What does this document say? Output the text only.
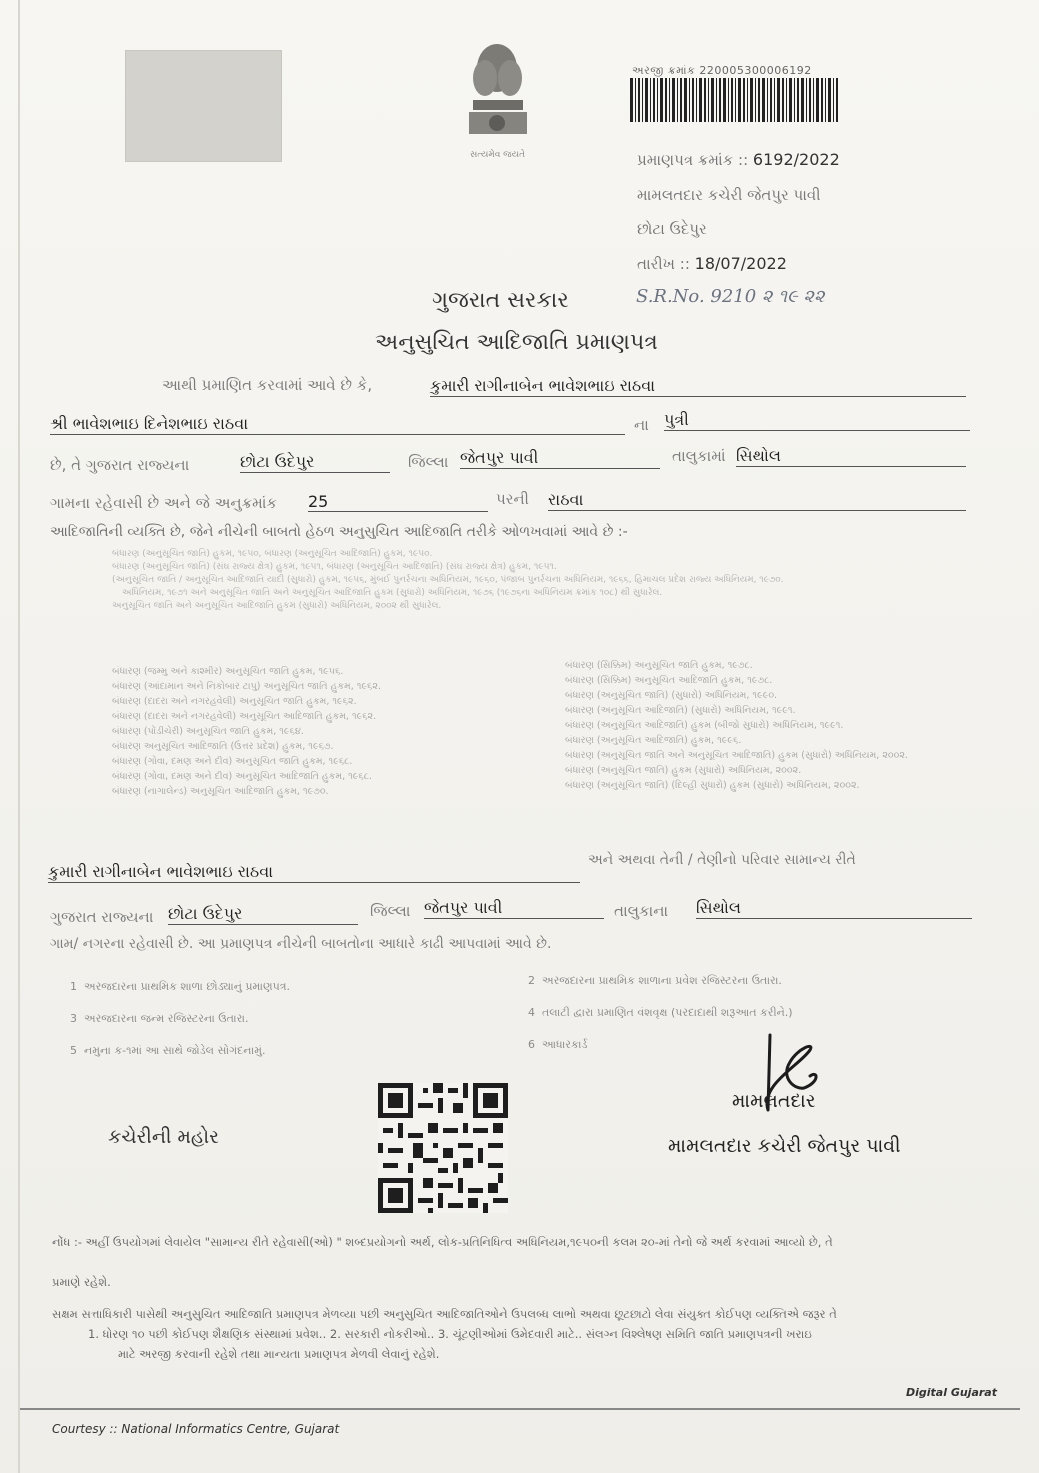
સત્યમેવ જયતે
અરજી ક્રમાંક 220005300006192
પ્રમાણપત્ર ક્રમાંક :: 6192/2022
મામલતદાર કચેરી જેતપુર પાવી
છોટા ઉદેપુર
તારીખ :: 18/07/2022
S.R.No. 9210 ૨ ૧૯ ૨૨
ગુજરાત સરકાર
અનુસુચિત આદિજાતિ પ્રમાણપત્ર
આથી પ્રમાણિત કરવામાં આવે છે કે,	કુમારી રાગીનાબેન ભાવેશભાઇ રાઠવા
શ્રી ભાવેશભાઇ દિનેશભાઇ રાઠવા	ના પુત્રી
છે, તે ગુજરાત રાજ્યના	છોટા ઉદેપુર	જિલ્લા જેતપુર પાવી	તાલુકામાં સિથોલ
ગામના રહેવાસી છે અને જે અનુક્રમાંક 25	પરની રાઠવા
આદિજાતિની વ્યક્તિ છે, જેને નીચેની બાબતો હેઠળ અનુસુચિત આદિજાતિ તરીકે ઓળખવામાં આવે છે :-
બંધારણ (અનુસૂચિત જાતિ) હુકમ, ૧૯૫૦, બંધારણ (અનુસૂચિત આદિજાતિ) હુકમ, ૧૯૫૦.
બંધારણ (અનુસૂચિત જાતિ) (સંઘ રાજ્ય ક્ષેત્ર) હુકમ, ૧૯૫૧, બંધારણ (અનુસૂચિત આદિજાતિ) (સંઘ રાજ્ય ક્ષેત્ર) હુકમ, ૧૯૫૧.
(અનુસૂચિત જાતિ / અનુસૂચિત આદિજાતિ યાદી (સુધારો) હુકમ, ૧૯૫૬, મુંબઈ પુનર્રચના અધિનિયમ, ૧૯૬૦, પંજાબ પુનર્રચના અધિનિયમ, ૧૯૬૬, હિમાચલ પ્રદેશ રાજ્ય અધિનિયમ, ૧૯૭૦.
અધિનિયમ, ૧૯૭૧ અને અનુસૂચિત જાતિ અને અનુસૂચિત આદિજાતિ હુકમ (સુધારો) અધિનિયમ, ૧૯૭૬ (૧૯૭૬ના અધિનિયમ ક્રમાંક ૧૦૮) થી સુધારેલ.
અનુસૂચિત જાતિ અને અનુસૂચિત આદિજાતિ હુકમ (સુધારો) અધિનિયમ, ૨૦૦૨ થી સુધારેલ.
બંધારણ (જમ્મુ અને કાશ્મીર) અનુસૂચિત જાતિ હુકમ, ૧૯૫૬.
બંધારણ (આંદામાન અને નિકોબાર ટાપુ) અનુસૂચિત જાતિ હુકમ, ૧૯૬૨.
બંધારણ (દાદરા અને નગરહવેલી) અનુસૂચિત જાતિ હુકમ, ૧૯૬૨.
બંધારણ (દાદરા અને નગરહવેલી) અનુસૂચિત આદિજાતિ હુકમ, ૧૯૬૨.
બંધારણ (પોંડીચેરી) અનુસૂચિત જાતિ હુકમ, ૧૯૬૪.
બંધારણ અનુસૂચિત આદિજાતિ (ઉત્તર પ્રદેશ) હુકમ, ૧૯૬૭.
બંધારણ (ગોવા, દમણ અને દીવ) અનુસૂચિત જાતિ હુકમ, ૧૯૬૮.
બંધારણ (ગોવા, દમણ અને દીવ) અનુસૂચિત આદિજાતિ હુકમ, ૧૯૬૮.
બંધારણ (નાગાલેન્ડ) અનુસૂચિત આદિજાતિ હુકમ, ૧૯૭૦.
બંધારણ (સિક્કિમ) અનુસૂચિત જાતિ હુકમ, ૧૯૭૮.
બંધારણ (સિક્કિમ) અનુસૂચિત આદિજાતિ હુકમ, ૧૯૭૮.
બંધારણ (અનુસૂચિત જાતિ) (સુધારો) અધિનિયમ, ૧૯૯૦.
બંધારણ (અનુસૂચિત આદિજાતિ) (સુધારો) અધિનિયમ, ૧૯૯૧.
બંધારણ (અનુસૂચિત આદિજાતિ) હુકમ (બીજો સુધારો) અધિનિયમ, ૧૯૯૧.
બંધારણ (અનુસૂચિત આદિજાતિ) હુકમ, ૧૯૯૬.
બંધારણ (અનુસૂચિત જાતિ અને અનુસૂચિત આદિજાતિ) હુકમ (સુધારો) અધિનિયમ, ૨૦૦૨.
બંધારણ (અનુસૂચિત જાતિ) હુકમ (સુધારો) અધિનિયમ, ૨૦૦૨.
બંધારણ (અનુસૂચિત જાતિ) (દિલ્હી સુધારો) હુકમ (સુધારો) અધિનિયમ, ૨૦૦૨.
કુમારી રાગીનાબેન ભાવેશભાઇ રાઠવા
અને અથવા તેની / તેણીનો પરિવાર સામાન્ય રીતે
ગુજરાત રાજ્યના છોટા ઉદેપુર	જિલ્લા જેતપુર પાવી	તાલુકાના સિથોલ
ગામ/ નગરના રહેવાસી છે. આ પ્રમાણપત્ર નીચેની બાબતોના આધારે કાઢી આપવામાં આવે છે.
1 અરજદારના પ્રાથમિક શાળા છોડ્યાનું પ્રમાણપત્ર.	2 અરજદારના પ્રાથમિક શાળાના પ્રવેશ રજિસ્ટરના ઉતારા.
3 અરજદારના જન્મ રજિસ્ટરના ઉતારા.	4 તલાટી દ્વારા પ્રમાણિત વંશવૃક્ષ (પરદાદાથી શરૂઆત કરીને.)
5 નમુના ક-૧માં આ સાથે જોડેલ સોગંદનામું.	6 આધારકાર્ડ
કચેરીની મહોર
મામલતદાર
મામલતદાર કચેરી જેતપુર પાવી
નોંધ :- અહીં ઉપયોગમાં લેવાયેલ "સામાન્ય રીતે રહેવાસી(ઓ) " શબ્દપ્રયોગનો અર્થ, લોક-પ્રતિનિધિત્વ અધિનિયમ,૧૯૫૦ની કલમ ૨૦-માં તેનો જે અર્થ કરવામાં આવ્યો છે, તે
પ્રમાણે રહેશે.
સક્ષમ સત્તાધિકારી પાસેથી અનુસુચિત આદિજાતિ પ્રમાણપત્ર મેળવ્યા પછી અનુસુચિત આદિજાતિઓને ઉપલબ્ધ લાભો અથવા છૂટછાટો લેવા સંયુક્ત કોઈપણ વ્યક્તિએ જરૂર તે
1. ધોરણ ૧૦ પછી કોઈપણ શૈક્ષણિક સંસ્થામાં પ્રવેશ.. 2. સરકારી નોકરીઓ.. 3. ચૂંટણીઓમાં ઉમેદવારી માટે.. સંલગ્ન વિશ્લેષણ સમિતિ જાતિ પ્રમાણપત્રની ખરાઇ
માટે અરજી કરવાની રહેશે તથા માન્યતા પ્રમાણપત્ર મેળવી લેવાનું રહેશે.
Digital Gujarat
Courtesy :: National Informatics Centre, Gujarat
